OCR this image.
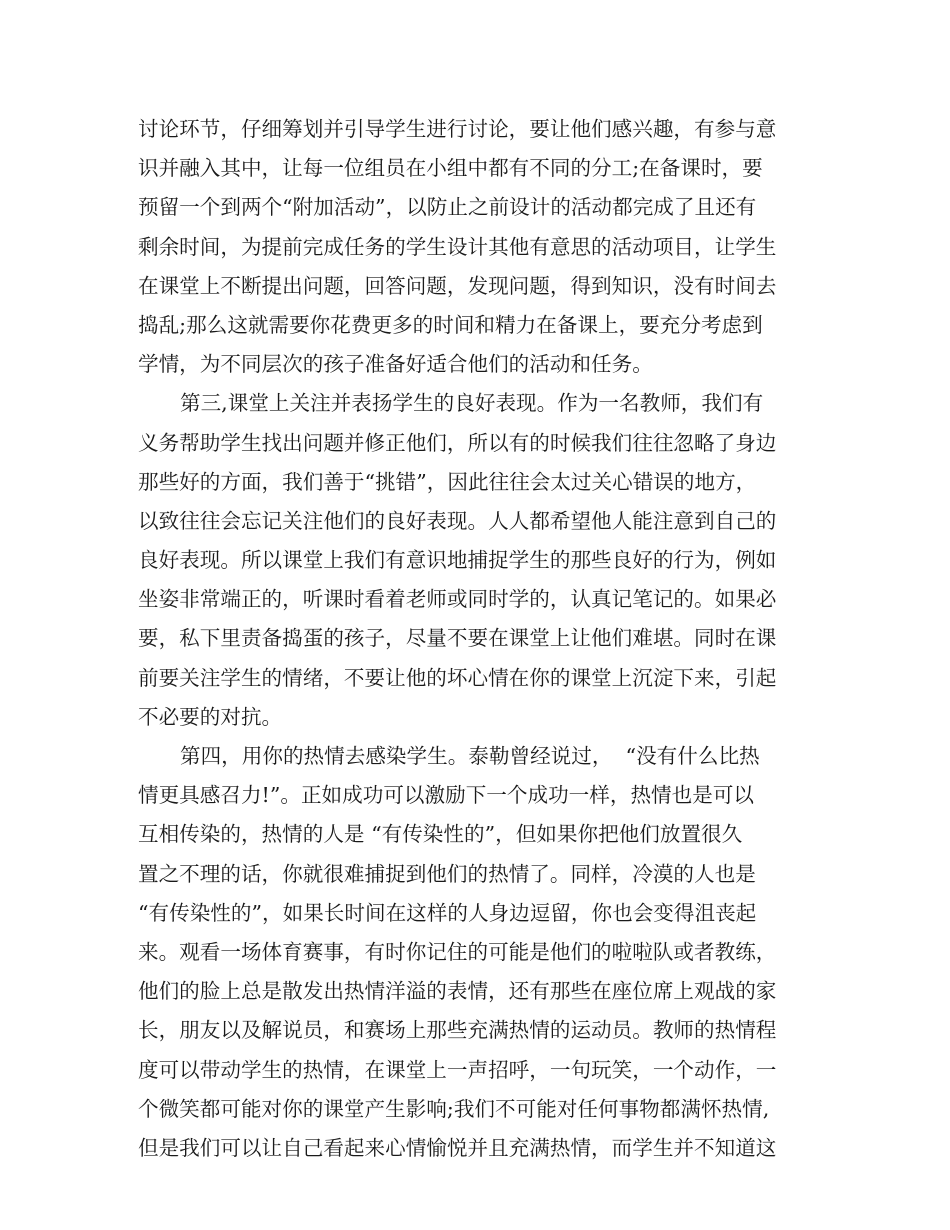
讨论环节，仔细筹划并引导学生进行讨论，要让他们感兴趣，有参与意
识并融入其中，让每一位组员在小组中都有不同的分工;在备课时，要
预留一个到两个“附加活动”，以防止之前设计的活动都完成了且还有
剩余时间，为提前完成任务的学生设计其他有意思的活动项目，让学生
在课堂上不断提出问题，回答问题，发现问题，得到知识，没有时间去
捣乱;那么这就需要你花费更多的时间和精力在备课上，要充分考虑到
学情，为不同层次的孩子准备好适合他们的活动和任务。
第三,课堂上关注并表扬学生的良好表现。作为一名教师，我们有
义务帮助学生找出问题并修正他们，所以有的时候我们往往忽略了身边
那些好的方面，我们善于“挑错”，因此往往会太过关心错误的地方，
以致往往会忘记关注他们的良好表现。人人都希望他人能注意到自己的
良好表现。所以课堂上我们有意识地捕捉学生的那些良好的行为，例如
坐姿非常端正的，听课时看着老师或同时学的，认真记笔记的。如果必
要，私下里责备捣蛋的孩子，尽量不要在课堂上让他们难堪。同时在课
前要关注学生的情绪，不要让他的坏心情在你的课堂上沉淀下来，引起
不必要的对抗。
第四，用你的热情去感染学生。泰勒曾经说过，  “没有什么比热
情更具感召力!”。正如成功可以激励下一个成功一样，热情也是可以
互相传染的，热情的人是 “有传染性的”，但如果你把他们放置很久
置之不理的话，你就很难捕捉到他们的热情了。同样，冷漠的人也是
“有传染性的”，如果长时间在这样的人身边逗留，你也会变得沮丧起
来。观看一场体育赛事，有时你记住的可能是他们的啦啦队或者教练，
他们的脸上总是散发出热情洋溢的表情，还有那些在座位席上观战的家
长，朋友以及解说员，和赛场上那些充满热情的运动员。教师的热情程
度可以带动学生的热情，在课堂上一声招呼，一句玩笑，一个动作，一
个微笑都可能对你的课堂产生影响;我们不可能对任何事物都满怀热情,
但是我们可以让自己看起来心情愉悦并且充满热情，而学生并不知道这
